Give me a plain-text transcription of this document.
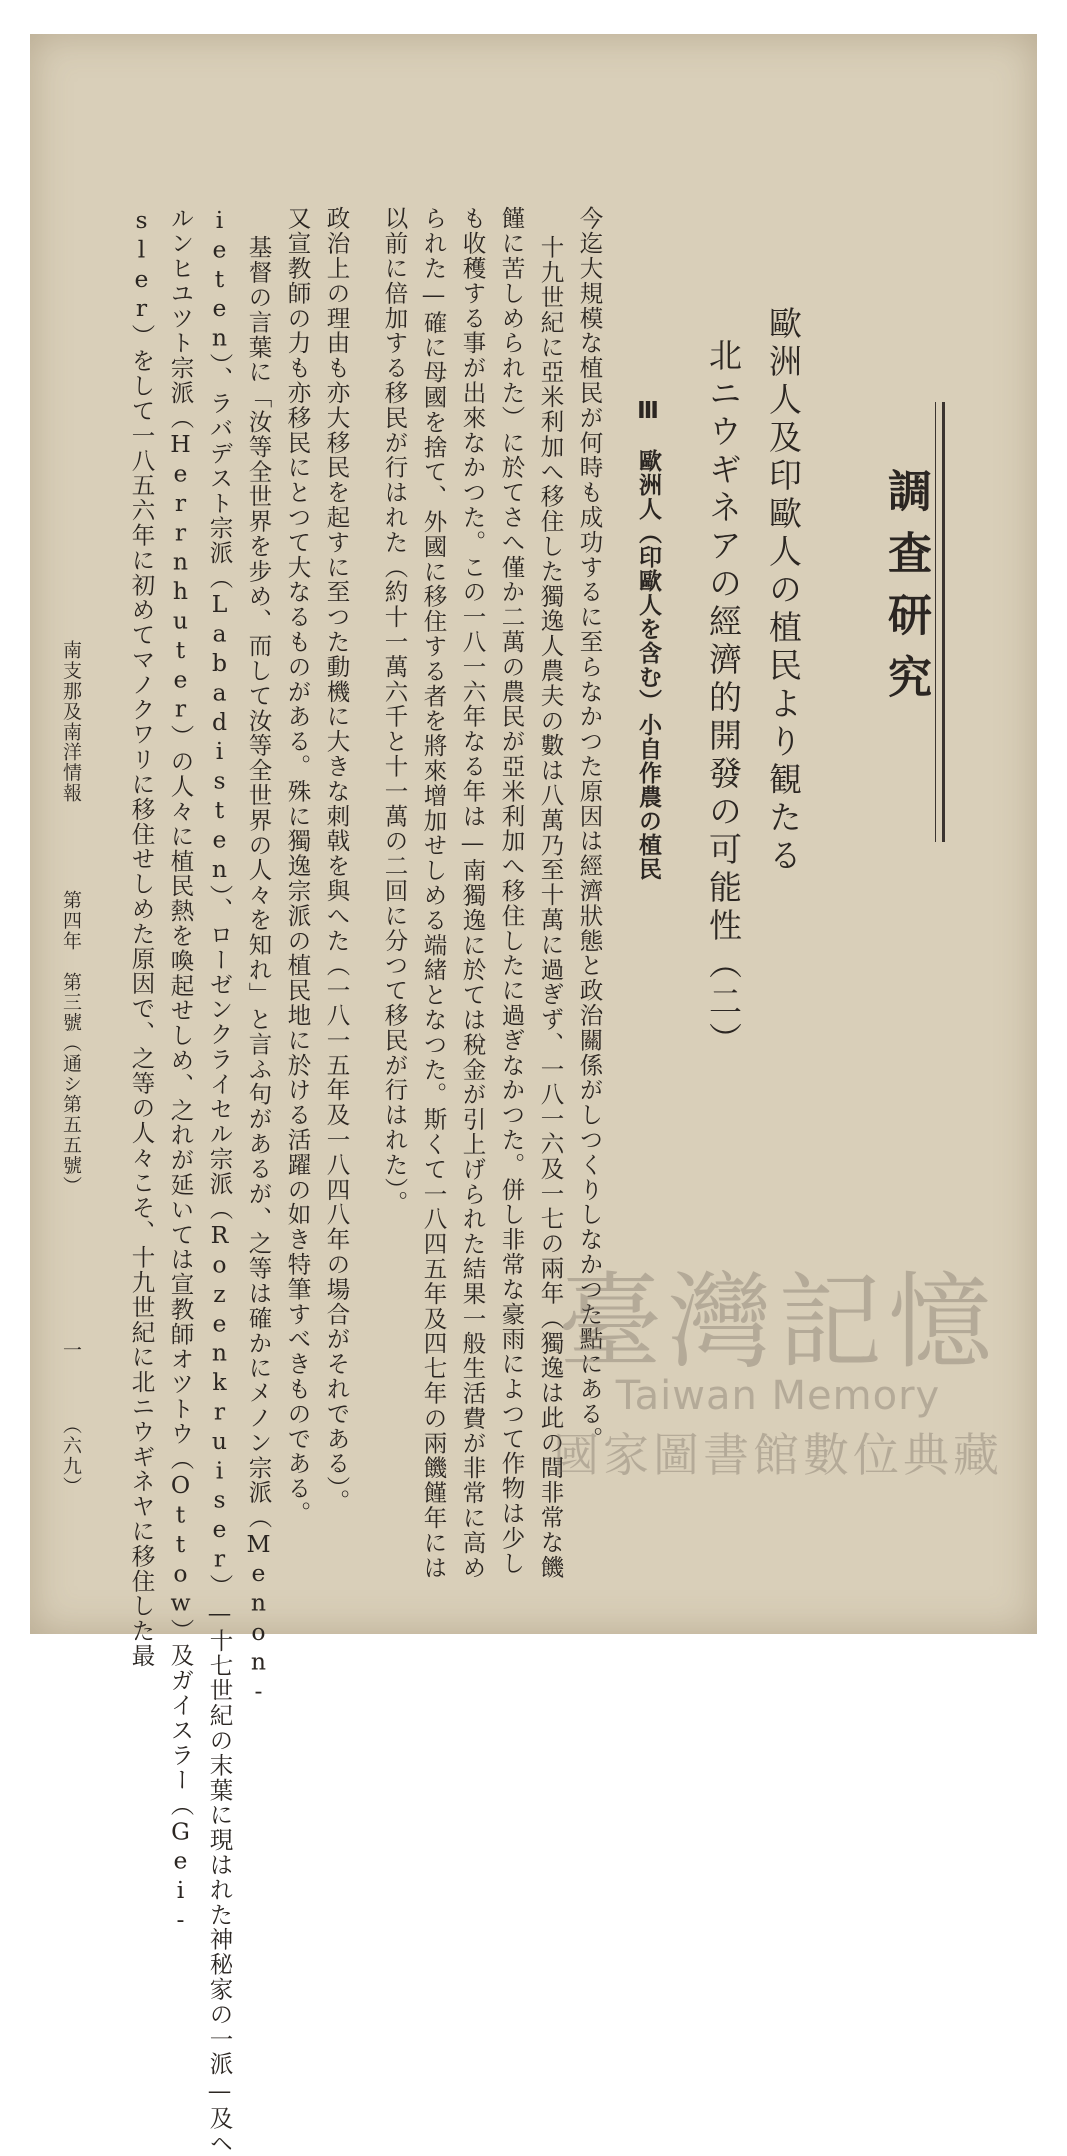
調査研究
歐洲人及印歐人の植民より観たる
北ニウギネアの經濟的開發の可能性（二）
Ⅲ　歐洲人（印歐人を含む）小自作農の植民
今迄大規模な植民が何時も成功するに至らなかつた原因は經濟狀態と政治關係がしつくりしなかつた點にある。
十九世紀に亞米利加へ移住した獨逸人農夫の數は八萬乃至十萬に過ぎず、一八一六及一七の兩年（獨逸は此の間非常な饑
饉に苦しめられた）に於てさへ僅か二萬の農民が亞米利加へ移住したに過ぎなかつた。併し非常な豪雨によつて作物は少し
も收穫する事が出來なかつた。この一八一六年なる年は—南獨逸に於ては稅金が引上げられた結果一般生活費が非常に高め
られた—確に母國を捨て、外國に移住する者を將來增加せしめる端緒となつた。斯くて一八四五年及四七年の兩饑饉年には
以前に倍加する移民が行はれた（約十一萬六千と十一萬の二回に分つて移民が行はれた）。
政治上の理由も亦大移民を起すに至つた動機に大きな刺戟を與へた（一八一五年及一八四八年の場合がそれである）。
又宣教師の力も亦移民にとつて大なるものがある。殊に獨逸宗派の植民地に於ける活躍の如き特筆すべきものである。
基督の言葉に「汝等全世界を步め、而して汝等全世界の人々を知れ」と言ふ句があるが、之等は確かにメノン宗派（Menon-
ieten）、ラバデスト宗派（Labadisten）、ローゼンクライセル宗派（Rozenkruiser）—十七世紀の末葉に現はれた神秘家の一派—及ヘ
ルンヒユツト宗派（Herrnhuter）の人々に植民熱を喚起せしめ、之れが延いては宣教師オツトウ（Ottow）及ガイスラー（Gei-
sler）をして一八五六年に初めてマノクワリに移住せしめた原因で、之等の人々こそ、十九世紀に北ニウギネヤに移住した最
南支那及南洋情報
第四年　第三號（通シ第五五號）
一
（六九）
臺灣記憶
Taiwan Memory
國家圖書館數位典藏
